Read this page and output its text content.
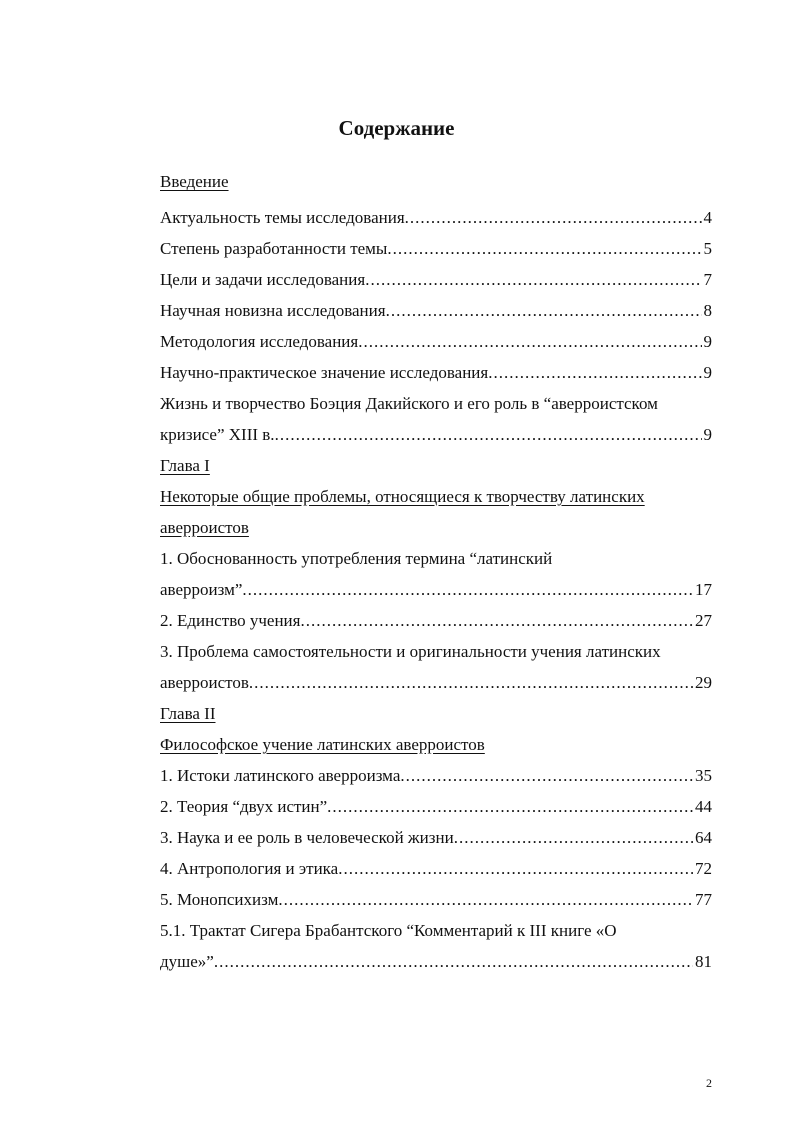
Содержание
Введение
Актуальность темы исследования .....	4
Степень разработанности темы .....	5
Цели и задачи исследования .....	7
Научная новизна исследования .....	8
Методология исследования .....	9
Научно-практическое значение исследования .....	9
Жизнь и творчество Боэция Дакийского и его роль в “аверроистском
кризисе” XIII в. .....	9
Глава I
Некоторые общие проблемы, относящиеся к творчеству латинских
аверроистов
1. Обоснованность употребления термина “латинский
аверроизм” .....	17
2. Единство учения .....	27
3. Проблема самостоятельности и оригинальности учения латинских
аверроистов .....	29
Глава II
Философское учение латинских аверроистов
1. Истоки латинского аверроизма .....	35
2. Теория “двух истин” .....	44
3. Наука и ее роль в человеческой жизни .....	64
4. Антропология и этика .....	72
5. Монопсихизм .....	77
5.1. Трактат Сигера Брабантского “Комментарий к III книге «О
душе»” .....	81
2
